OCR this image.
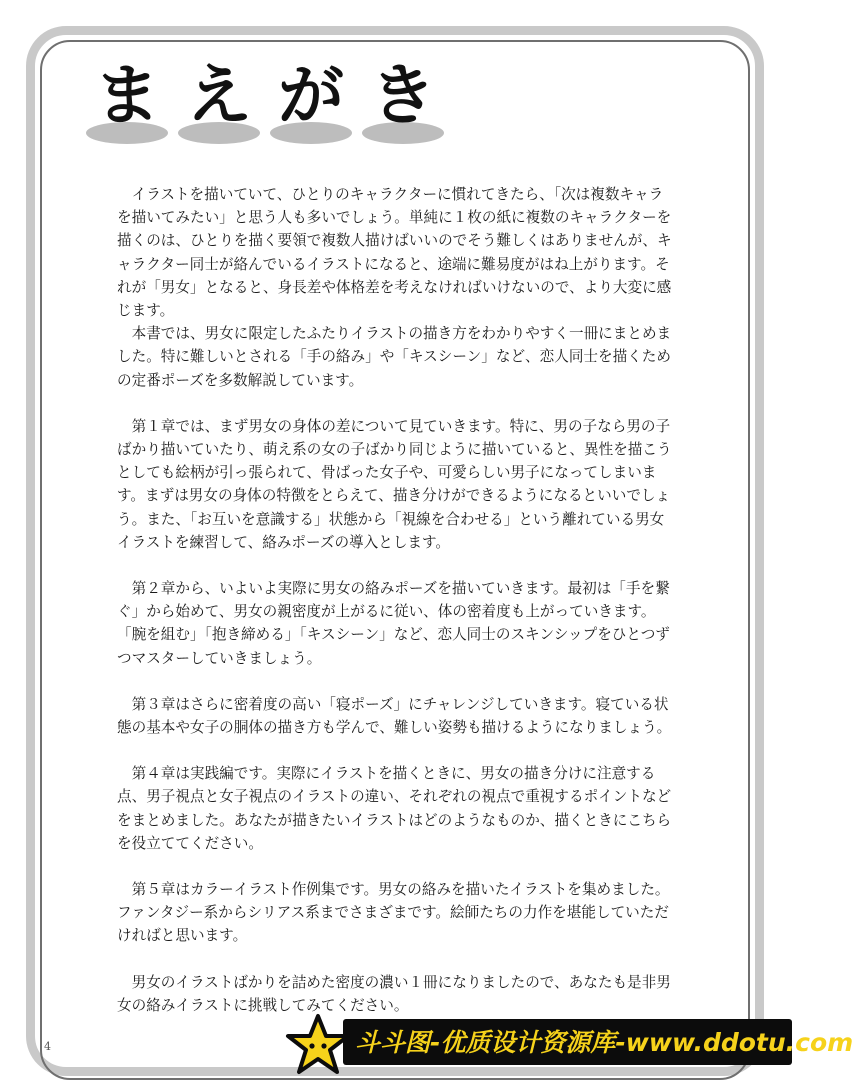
ま え が き

イラストを描いていて、ひとりのキャラクターに慣れてきたら、「次は複数キャラを描いてみたい」と思う人も多いでしょう。単純に１枚の紙に複数のキャラクターを描くのは、ひとりを描く要領で複数人描けばいいのでそう難しくはありませんが、キャラクター同士が絡んでいるイラストになると、途端に難易度がはね上がります。それが「男女」となると、身長差や体格差を考えなければいけないので、より大変に感じます。

本書では、男女に限定したふたりイラストの描き方をわかりやすく一冊にまとめました。特に難しいとされる「手の絡み」や「キスシーン」など、恋人同士を描くための定番ポーズを多数解説しています。

第１章では、まず男女の身体の差について見ていきます。特に、男の子なら男の子ばかり描いていたり、萌え系の女の子ばかり同じように描いていると、異性を描こうとしても絵柄が引っ張られて、骨ばった女子や、可愛らしい男子になってしまいます。まずは男女の身体の特徴をとらえて、描き分けができるようになるといいでしょう。また、「お互いを意識する」状態から「視線を合わせる」という離れている男女イラストを練習して、絡みポーズの導入とします。

第２章から、いよいよ実際に男女の絡みポーズを描いていきます。最初は「手を繋ぐ」から始めて、男女の親密度が上がるに従い、体の密着度も上がっていきます。「腕を組む」「抱き締める」「キスシーン」など、恋人同士のスキンシップをひとつずつマスターしていきましょう。

第３章はさらに密着度の高い「寝ポーズ」にチャレンジしていきます。寝ている状態の基本や女子の胴体の描き方も学んで、難しい姿勢も描けるようになりましょう。

第４章は実践編です。実際にイラストを描くときに、男女の描き分けに注意する点、男子視点と女子視点のイラストの違い、それぞれの視点で重視するポイントなどをまとめました。あなたが描きたいイラストはどのようなものか、描くときにこちらを役立ててください。

第５章はカラーイラスト作例集です。男女の絡みを描いたイラストを集めました。ファンタジー系からシリアス系までさまざまです。絵師たちの力作を堪能していただければと思います。

男女のイラストばかりを詰めた密度の濃い１冊になりましたので、あなたも是非男女の絡みイラストに挑戦してみてください。

4	斗斗图-优质设计资源库-www.ddotu.com
